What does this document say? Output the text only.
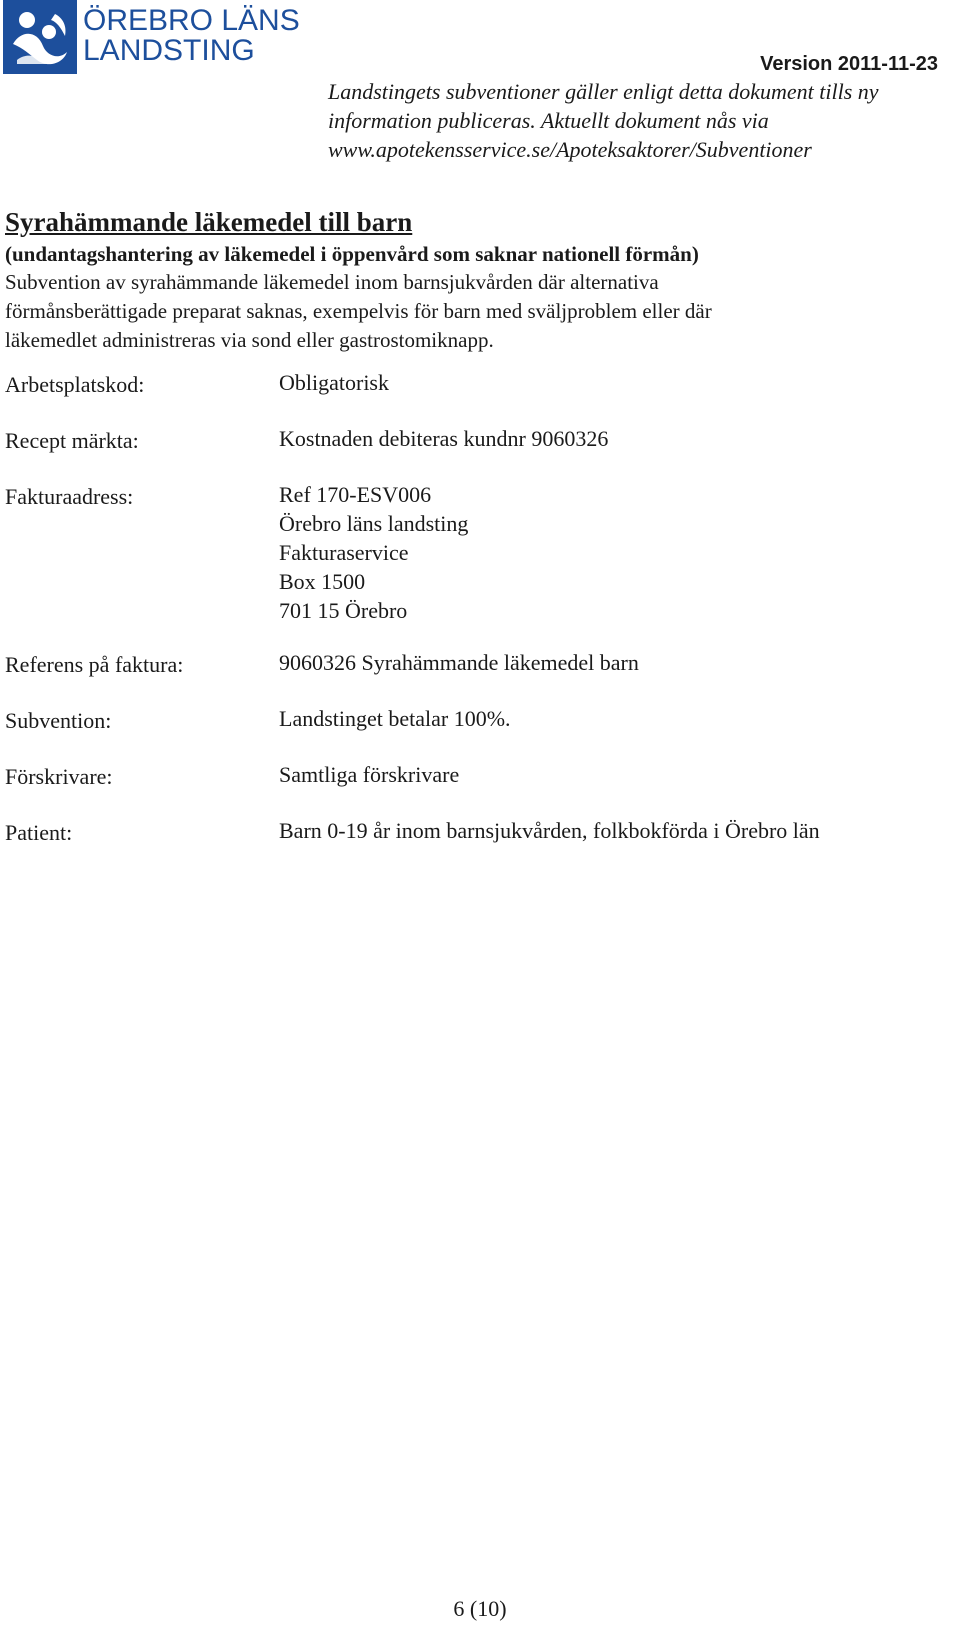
ÖREBRO LÄNS
LANDSTING	Version 2011-11-23
Landstingets subventioner gäller enligt detta dokument tills ny
information publiceras. Aktuellt dokument nås via
www.apotekensservice.se/Apoteksaktorer/Subventioner
Syrahämmande läkemedel till barn
(undantagshantering av läkemedel i öppenvård som saknar nationell förmån)
Subvention av syrahämmande läkemedel inom barnsjukvården där alternativa
förmånsberättigade preparat saknas, exempelvis för barn med sväljproblem eller där
läkemedlet administreras via sond eller gastrostomiknapp.
Arbetsplatskod:	Obligatorisk
Recept märkta:	Kostnaden debiteras kundnr 9060326
Fakturaadress:	Ref 170-ESV006
Örebro läns landsting
Fakturaservice
Box 1500
701 15 Örebro
Referens på faktura:	9060326 Syrahämmande läkemedel barn
Subvention:	Landstinget betalar 100%.
Förskrivare:	Samtliga förskrivare
Patient:	Barn 0-19 år inom barnsjukvården, folkbokförda i Örebro län
6 (10)
